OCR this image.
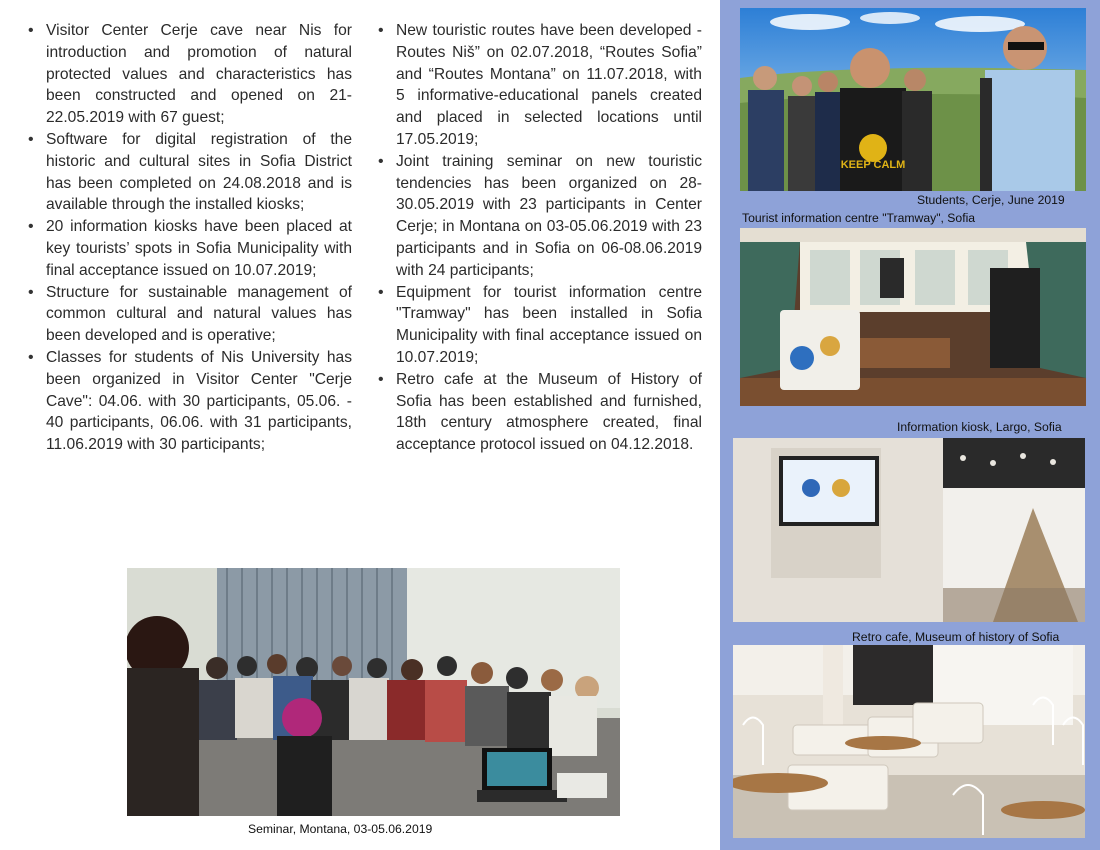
• Visitor Center Cerje cave near Nis for introduction and promotion of natural protected values and characteristics has been constructed and opened on 21-22.05.2019 with 67 guest;
• Software for digital registration of the historic and cultural sites in Sofia District has been completed on 24.08.2018 and is available through the installed kiosks;
• 20 information kiosks have been placed at key tourists’ spots in Sofia Municipality with final acceptance issued on 10.07.2019;
• Structure for sustainable management of common cultural and natural values has been developed and is operative;
• Classes for students of Nis University has been organized in Visitor Center "Cerje Cave": 04.06. with 30 participants, 05.06. - 40 participants, 06.06. with 31 participants, 11.06.2019 with 30 participants;
• New touristic routes have been developed - Routes Niš” on 02.07.2018, “Routes Sofia” and “Routes Montana” on 11.07.2018, with 5 informative-educational panels created and placed in selected locations until 17.05.2019;
• Joint training seminar on new touristic tendencies has been organized on 28-30.05.2019 with 23 participants in Center Cerje; in Montana on 03-05.06.2019 with 23 participants and in Sofia on 06-08.06.2019 with 24 participants;
• Equipment for tourist information centre "Tramway" has been installed in Sofia Municipality with final acceptance issued on 10.07.2019;
• Retro cafe at the Museum of History of Sofia has been established and furnished, 18th century atmosphere created, final acceptance protocol issued on 04.12.2018.
Seminar, Montana, 03-05.06.2019
KEEP CALM
Students, Cerje, June 2019
Tourist information centre "Tramway", Sofia
Information kiosk, Largo, Sofia
Retro cafe, Museum of history of Sofia
